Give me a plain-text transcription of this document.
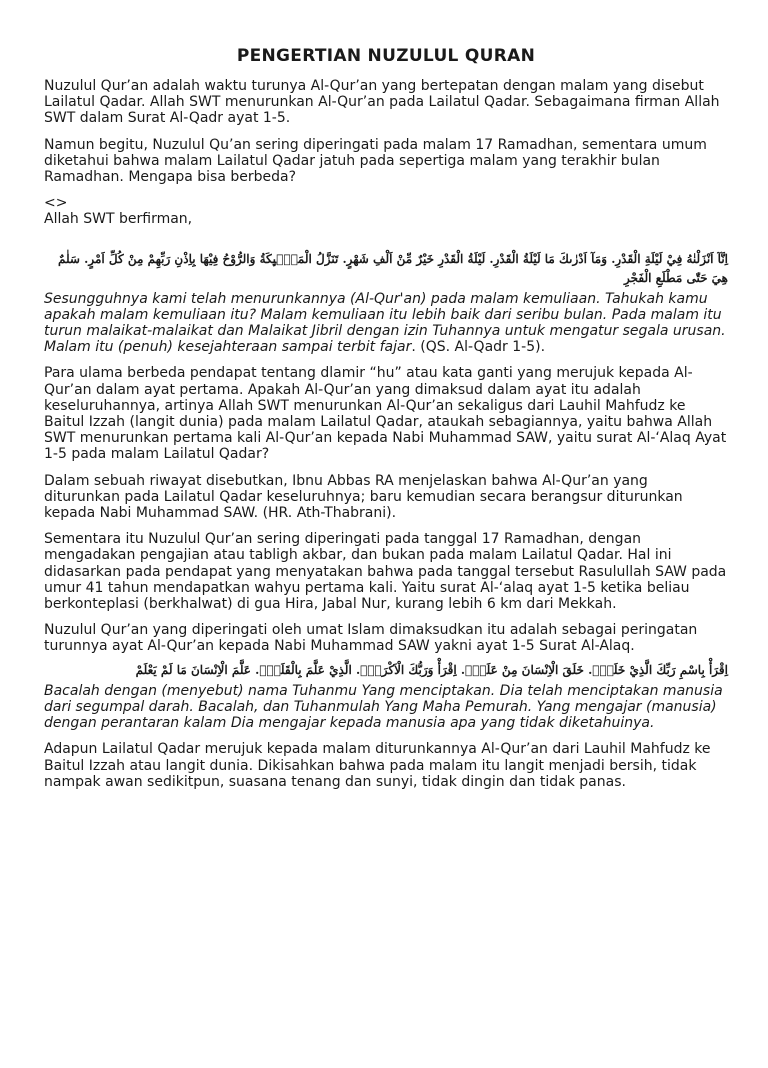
PENGERTIAN NUZULUL QURAN

Nuzulul Qur’an adalah waktu turunya Al-Qur’an yang bertepatan dengan malam yang disebut Lailatul Qadar. Allah SWT menurunkan Al-Qur’an pada Lailatul Qadar. Sebagaimana firman Allah SWT dalam Surat Al-Qadr ayat 1-5.

Namun begitu, Nuzulul Qu’an sering diperingati pada malam 17 Ramadhan, sementara umum diketahui bahwa malam Lailatul Qadar jatuh pada sepertiga malam yang terakhir bulan Ramadhan. Mengapa bisa berbeda?

<>

Allah SWT berfirman,

اِنَّآ اَنْزَلْنٰهُ فِيْ لَيْلَةِ الْقَدْرِ. وَمَآ اَدْرٰىكَ مَا لَيْلَةُ الْقَدْرِ. لَيْلَةُ الْقَدْرِ خَيْرٌ مِّنْ اَلْفِ شَهْرٍ. تَنَزَّلُ الْمَلٰۤىِٕكَةُ وَالرُّوْحُ فِيْهَا بِاِذْنِ رَبِّهِمْ مِنْ كُلِّ اَمْرٍ. سَلٰمٌ هِيَ حَتّٰى مَطْلَعِ الْفَجْرِ

Sesungguhnya kami telah menurunkannya (Al-Qur'an) pada malam kemuliaan. Tahukah kamu apakah malam kemuliaan itu? Malam kemuliaan itu lebih baik dari seribu bulan. Pada malam itu turun malaikat-malaikat dan Malaikat Jibril dengan izin Tuhannya untuk mengatur segala urusan. Malam itu (penuh) kesejahteraan sampai terbit fajar. (QS. Al-Qadr 1-5).

Para ulama berbeda pendapat tentang dlamir “hu” atau kata ganti yang merujuk kepada Al-Qur’an dalam ayat pertama. Apakah Al-Qur’an yang dimaksud dalam ayat itu adalah keseluruhannya, artinya Allah SWT menurunkan Al-Qur’an sekaligus dari Lauhil Mahfudz ke Baitul Izzah (langit dunia) pada malam Lailatul Qadar, ataukah sebagiannya, yaitu bahwa Allah SWT menurunkan pertama kali Al-Qur’an kepada Nabi Muhammad SAW, yaitu surat Al-‘Alaq Ayat 1-5 pada malam Lailatul Qadar?

Dalam sebuah riwayat disebutkan, Ibnu Abbas RA menjelaskan bahwa Al-Qur’an yang diturunkan pada Lailatul Qadar keseluruhnya; baru kemudian secara berangsur diturunkan kepada Nabi Muhammad SAW. (HR. Ath-Thabrani).

Sementara itu Nuzulul Qur’an sering diperingati pada tanggal 17 Ramadhan, dengan mengadakan pengajian atau tabligh akbar, dan bukan pada malam Lailatul Qadar. Hal ini didasarkan pada pendapat yang menyatakan bahwa pada tanggal tersebut Rasulullah SAW pada umur 41 tahun mendapatkan wahyu pertama kali. Yaitu surat Al-‘alaq ayat 1-5 ketika beliau berkonteplasi (berkhalwat) di gua Hira, Jabal Nur, kurang lebih 6 km dari Mekkah.

Nuzulul Qur’an yang diperingati oleh umat Islam dimaksudkan itu adalah sebagai peringatan turunnya ayat Al-Qur’an kepada Nabi Muhammad SAW yakni ayat 1-5 Surat Al-Alaq.

اِقْرَأْ بِاسْمِ رَبِّكَ الَّذِيْ خَلَقَۚ. خَلَقَ الْاِنْسَانَ مِنْ عَلَقٍۚ. اِقْرَأْ وَرَبُّكَ الْاَكْرَمُۙ. الَّذِيْ عَلَّمَ بِالْقَلَمِۙ. عَلَّمَ الْاِنْسَانَ مَا لَمْ يَعْلَمْ

Bacalah dengan (menyebut) nama Tuhanmu Yang menciptakan. Dia telah menciptakan manusia dari segumpal darah. Bacalah, dan Tuhanmulah Yang Maha Pemurah. Yang mengajar (manusia) dengan perantaran kalam Dia mengajar kepada manusia apa yang tidak diketahuinya.

Adapun Lailatul Qadar merujuk kepada malam diturunkannya Al-Qur’an dari Lauhil Mahfudz ke Baitul Izzah atau langit dunia. Dikisahkan bahwa pada malam itu langit menjadi bersih, tidak nampak awan sedikitpun, suasana tenang dan sunyi, tidak dingin dan tidak panas.
